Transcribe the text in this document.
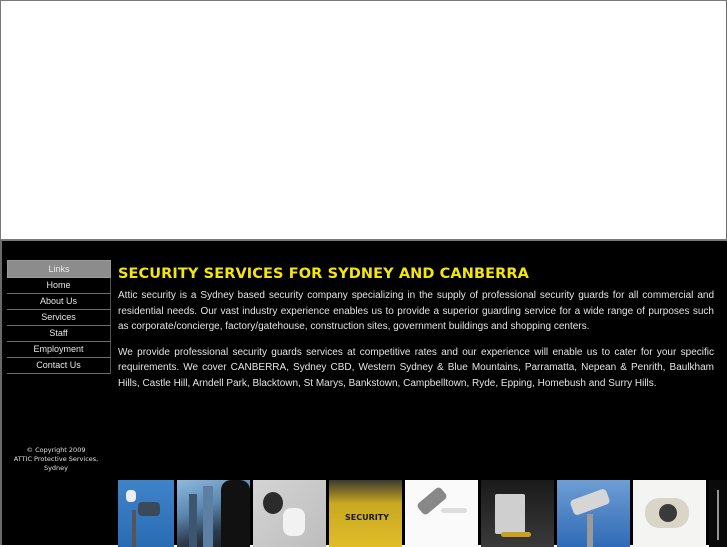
Links
Home
About Us
Services
Staff
Employment
Contact Us
© Copyright 2009
ATTIC Protective Services,
Sydney
SECURITY SERVICES FOR SYDNEY AND CANBERRA

Attic security is a Sydney based security company specializing in the supply of professional security guards for all commercial and residential needs. Our vast industry experience enables us to provide a superior guarding service for a wide range of purposes such as corporate/concierge, factory/gatehouse, construction sites, government buildings and shopping centers.

We provide professional security guards services at competitive rates and our experience will enable us to cater for your specific requirements. We cover CANBERRA, Sydney CBD, Western Sydney & Blue Mountains, Parramatta, Nepean & Penrith, Baulkham Hills, Castle Hill, Arndell Park, Blacktown, St Marys, Bankstown, Campbelltown, Ryde, Epping, Homebush and Surry Hills.

SECURITY
